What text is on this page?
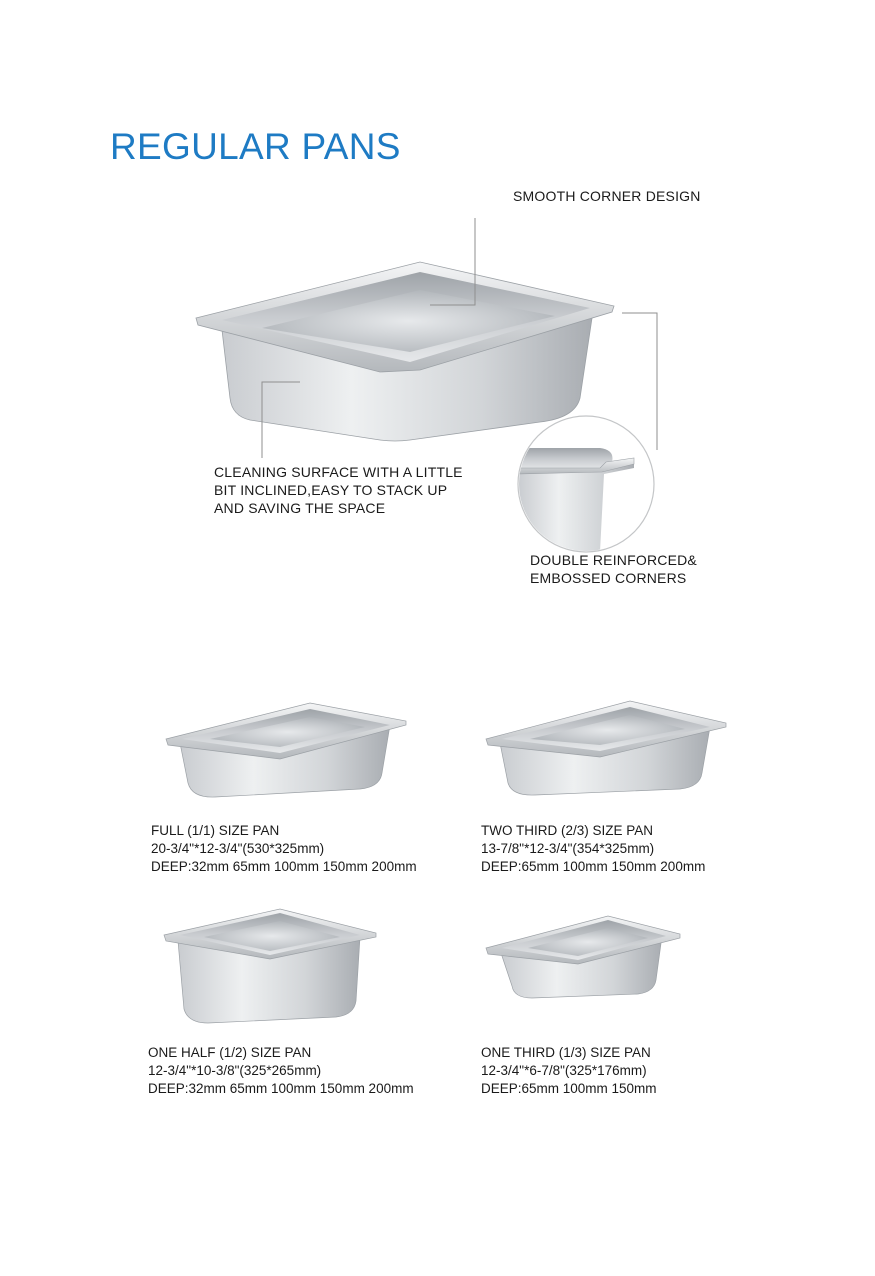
REGULAR PANS
SMOOTH CORNER DESIGN
CLEANING SURFACE WITH A LITTLE
BIT INCLINED,EASY TO STACK UP
AND SAVING THE SPACE
DOUBLE REINFORCED&
EMBOSSED CORNERS
FULL (1/1) SIZE PAN
20-3/4"*12-3/4"(530*325mm)
DEEP:32mm 65mm 100mm 150mm 200mm
TWO THIRD (2/3) SIZE PAN
13-7/8"*12-3/4"(354*325mm)
DEEP:65mm 100mm 150mm 200mm
ONE HALF (1/2) SIZE PAN
12-3/4"*10-3/8"(325*265mm)
DEEP:32mm 65mm 100mm 150mm 200mm
ONE THIRD (1/3) SIZE PAN
12-3/4"*6-7/8"(325*176mm)
DEEP:65mm 100mm 150mm
